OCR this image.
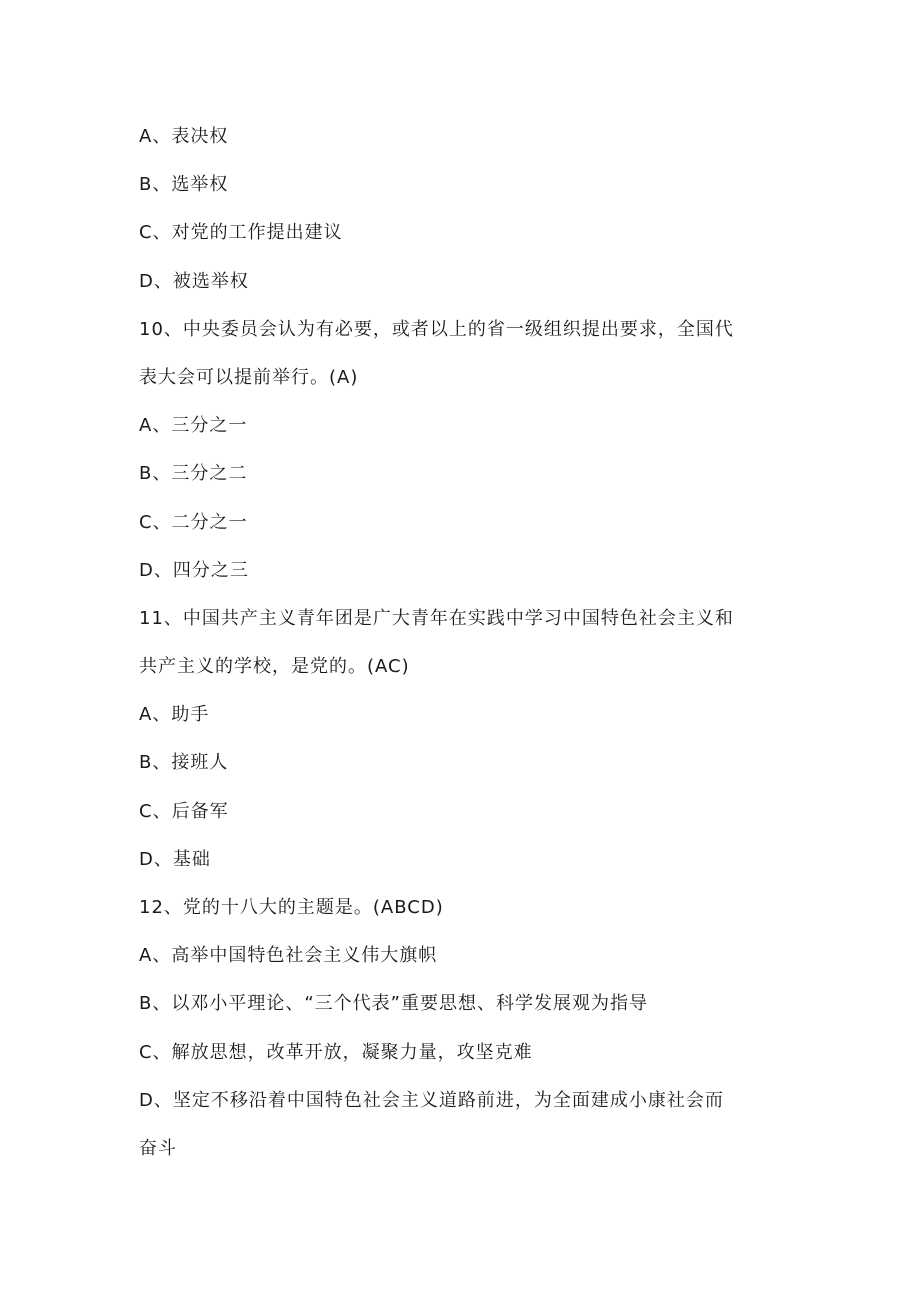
A、表决权
B、选举权
C、对党的工作提出建议
D、被选举权
10、中央委员会认为有必要，或者以上的省一级组织提出要求，全国代
表大会可以提前举行。(A)
A、三分之一
B、三分之二
C、二分之一
D、四分之三
11、中国共产主义青年团是广大青年在实践中学习中国特色社会主义和
共产主义的学校，是党的。(AC)
A、助手
B、接班人
C、后备军
D、基础
12、党的十八大的主题是。(ABCD)
A、高举中国特色社会主义伟大旗帜
B、以邓小平理论、“三个代表”重要思想、科学发展观为指导
C、解放思想，改革开放，凝聚力量，攻坚克难
D、坚定不移沿着中国特色社会主义道路前进，为全面建成小康社会而
奋斗
